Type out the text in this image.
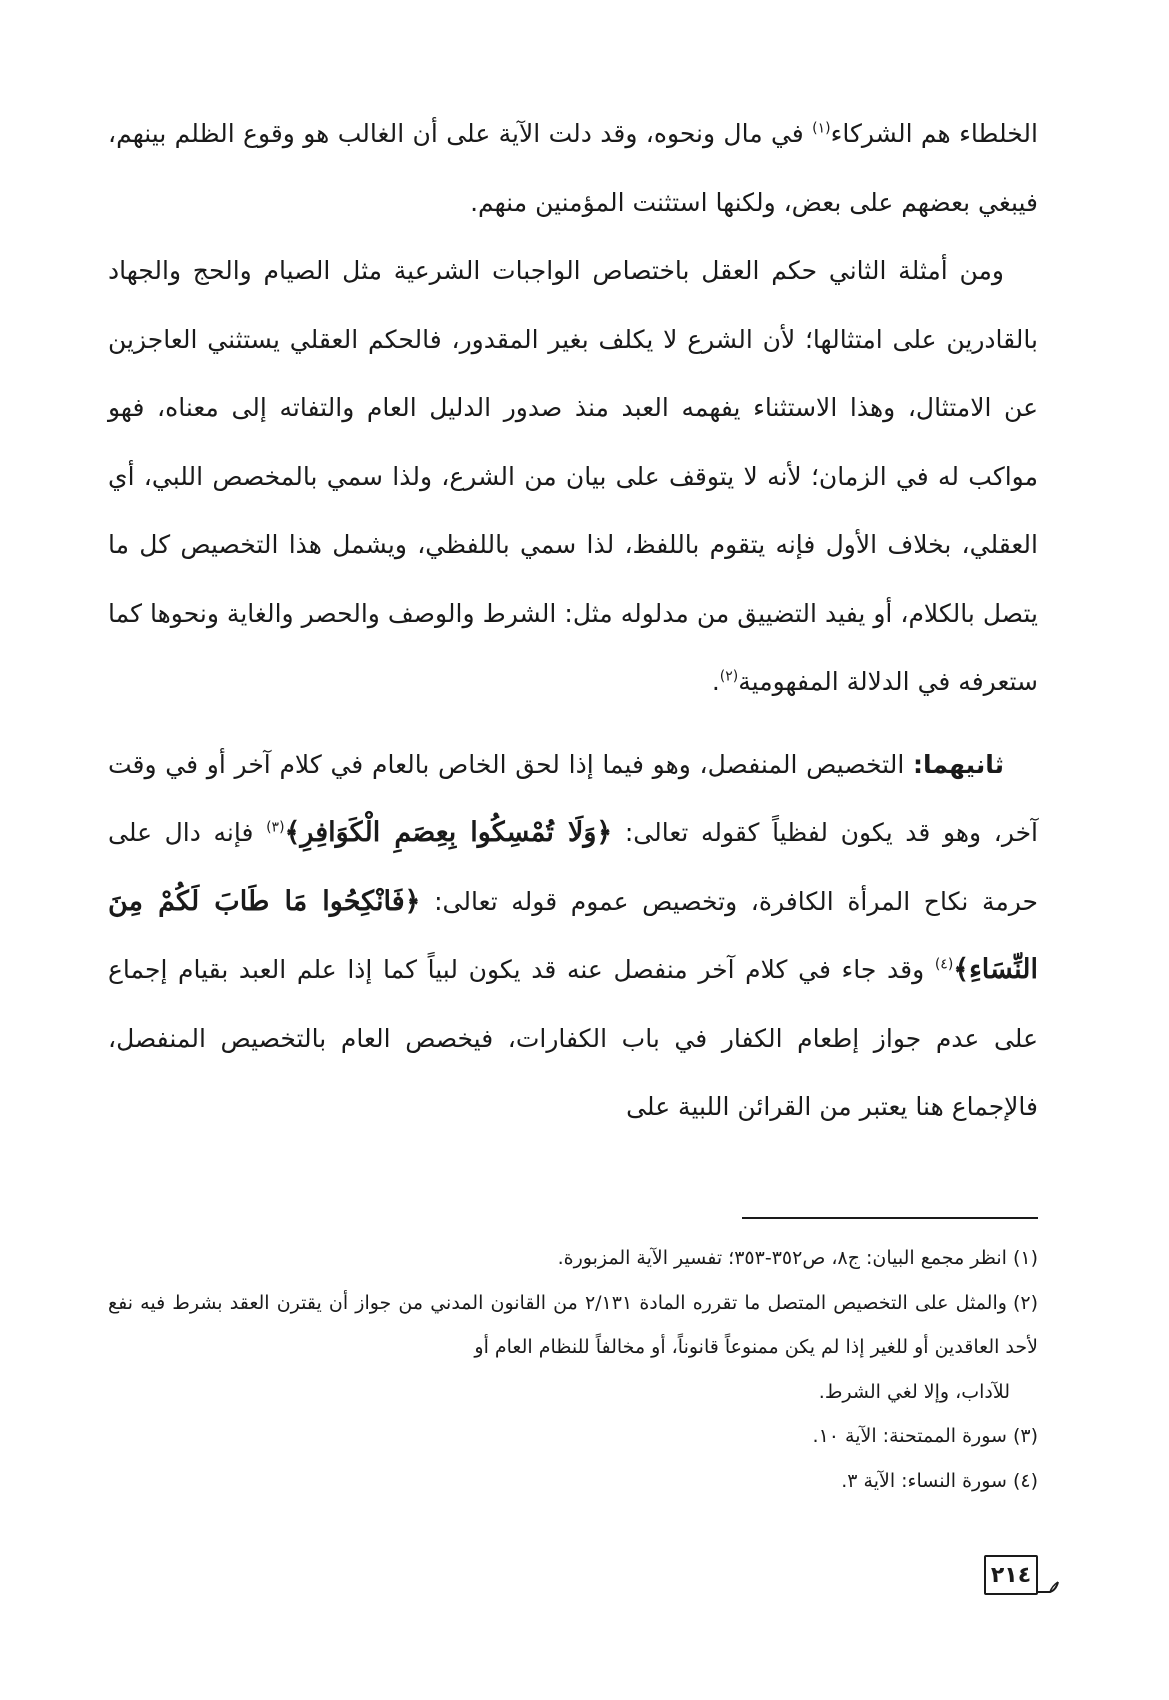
الخلطاء هم الشركاء$^{(١)}$ في مال ونحوه، وقد دلت الآية على أن الغالب هو وقوع الظلم بينهم، فيبغي بعضهم على بعض، ولكنها استثنت المؤمنين منهم.

ومن أمثلة الثاني حكم العقل باختصاص الواجبات الشرعية مثل الصيام والحج والجهاد بالقادرين على امتثالها؛ لأن الشرع لا يكلف بغير المقدور، فالحكم العقلي يستثني العاجزين عن الامتثال، وهذا الاستثناء يفهمه العبد منذ صدور الدليل العام والتفاته إلى معناه، فهو مواكب له في الزمان؛ لأنه لا يتوقف على بيان من الشرع، ولذا سمي بالمخصص اللبي، أي العقلي، بخلاف الأول فإنه يتقوم باللفظ، لذا سمي باللفظي، ويشمل هذا التخصيص كل ما يتصل بالكلام، أو يفيد التضييق من مدلوله مثل: الشرط والوصف والحصر والغاية ونحوها كما ستعرفه في الدلالة المفهومية$^{(٢)}$.

ثانيهما: التخصيص المنفصل، وهو فيما إذا لحق الخاص بالعام في كلام آخر أو في وقت آخر، وهو قد يكون لفظياً كقوله تعالى: ﴿وَلَا تُمْسِكُوا بِعِصَمِ الْكَوَافِرِ﴾$^{(٣)}$ فإنه دال على حرمة نكاح المرأة الكافرة، وتخصيص عموم قوله تعالى: ﴿فَانْكِحُوا مَا طَابَ لَكُمْ مِنَ النِّسَاءِ﴾$^{(٤)}$ وقد جاء في كلام آخر منفصل عنه قد يكون لبياً كما إذا علم العبد بقيام إجماع على عدم جواز إطعام الكفار في باب الكفارات، فيخصص العام بالتخصيص المنفصل، فالإجماع هنا يعتبر من القرائن اللبية على

(١)انظر مجمع البيان: ج٨، ص٣٥٢-٣٥٣؛ تفسير الآية المزبورة.
(٢)والمثل على التخصيص المتصل ما تقرره المادة ٢/١٣١ من القانون المدني من جواز أن يقترن العقد بشرط فيه نفع لأحد العاقدين أو للغير إذا لم يكن ممنوعاً قانوناً، أو مخالفاً للنظام العام أو
للآداب، وإلا لغي الشرط.
(٣)سورة الممتحنة: الآية ١٠.
(٤)سورة النساء: الآية ٣.
٢١٤
